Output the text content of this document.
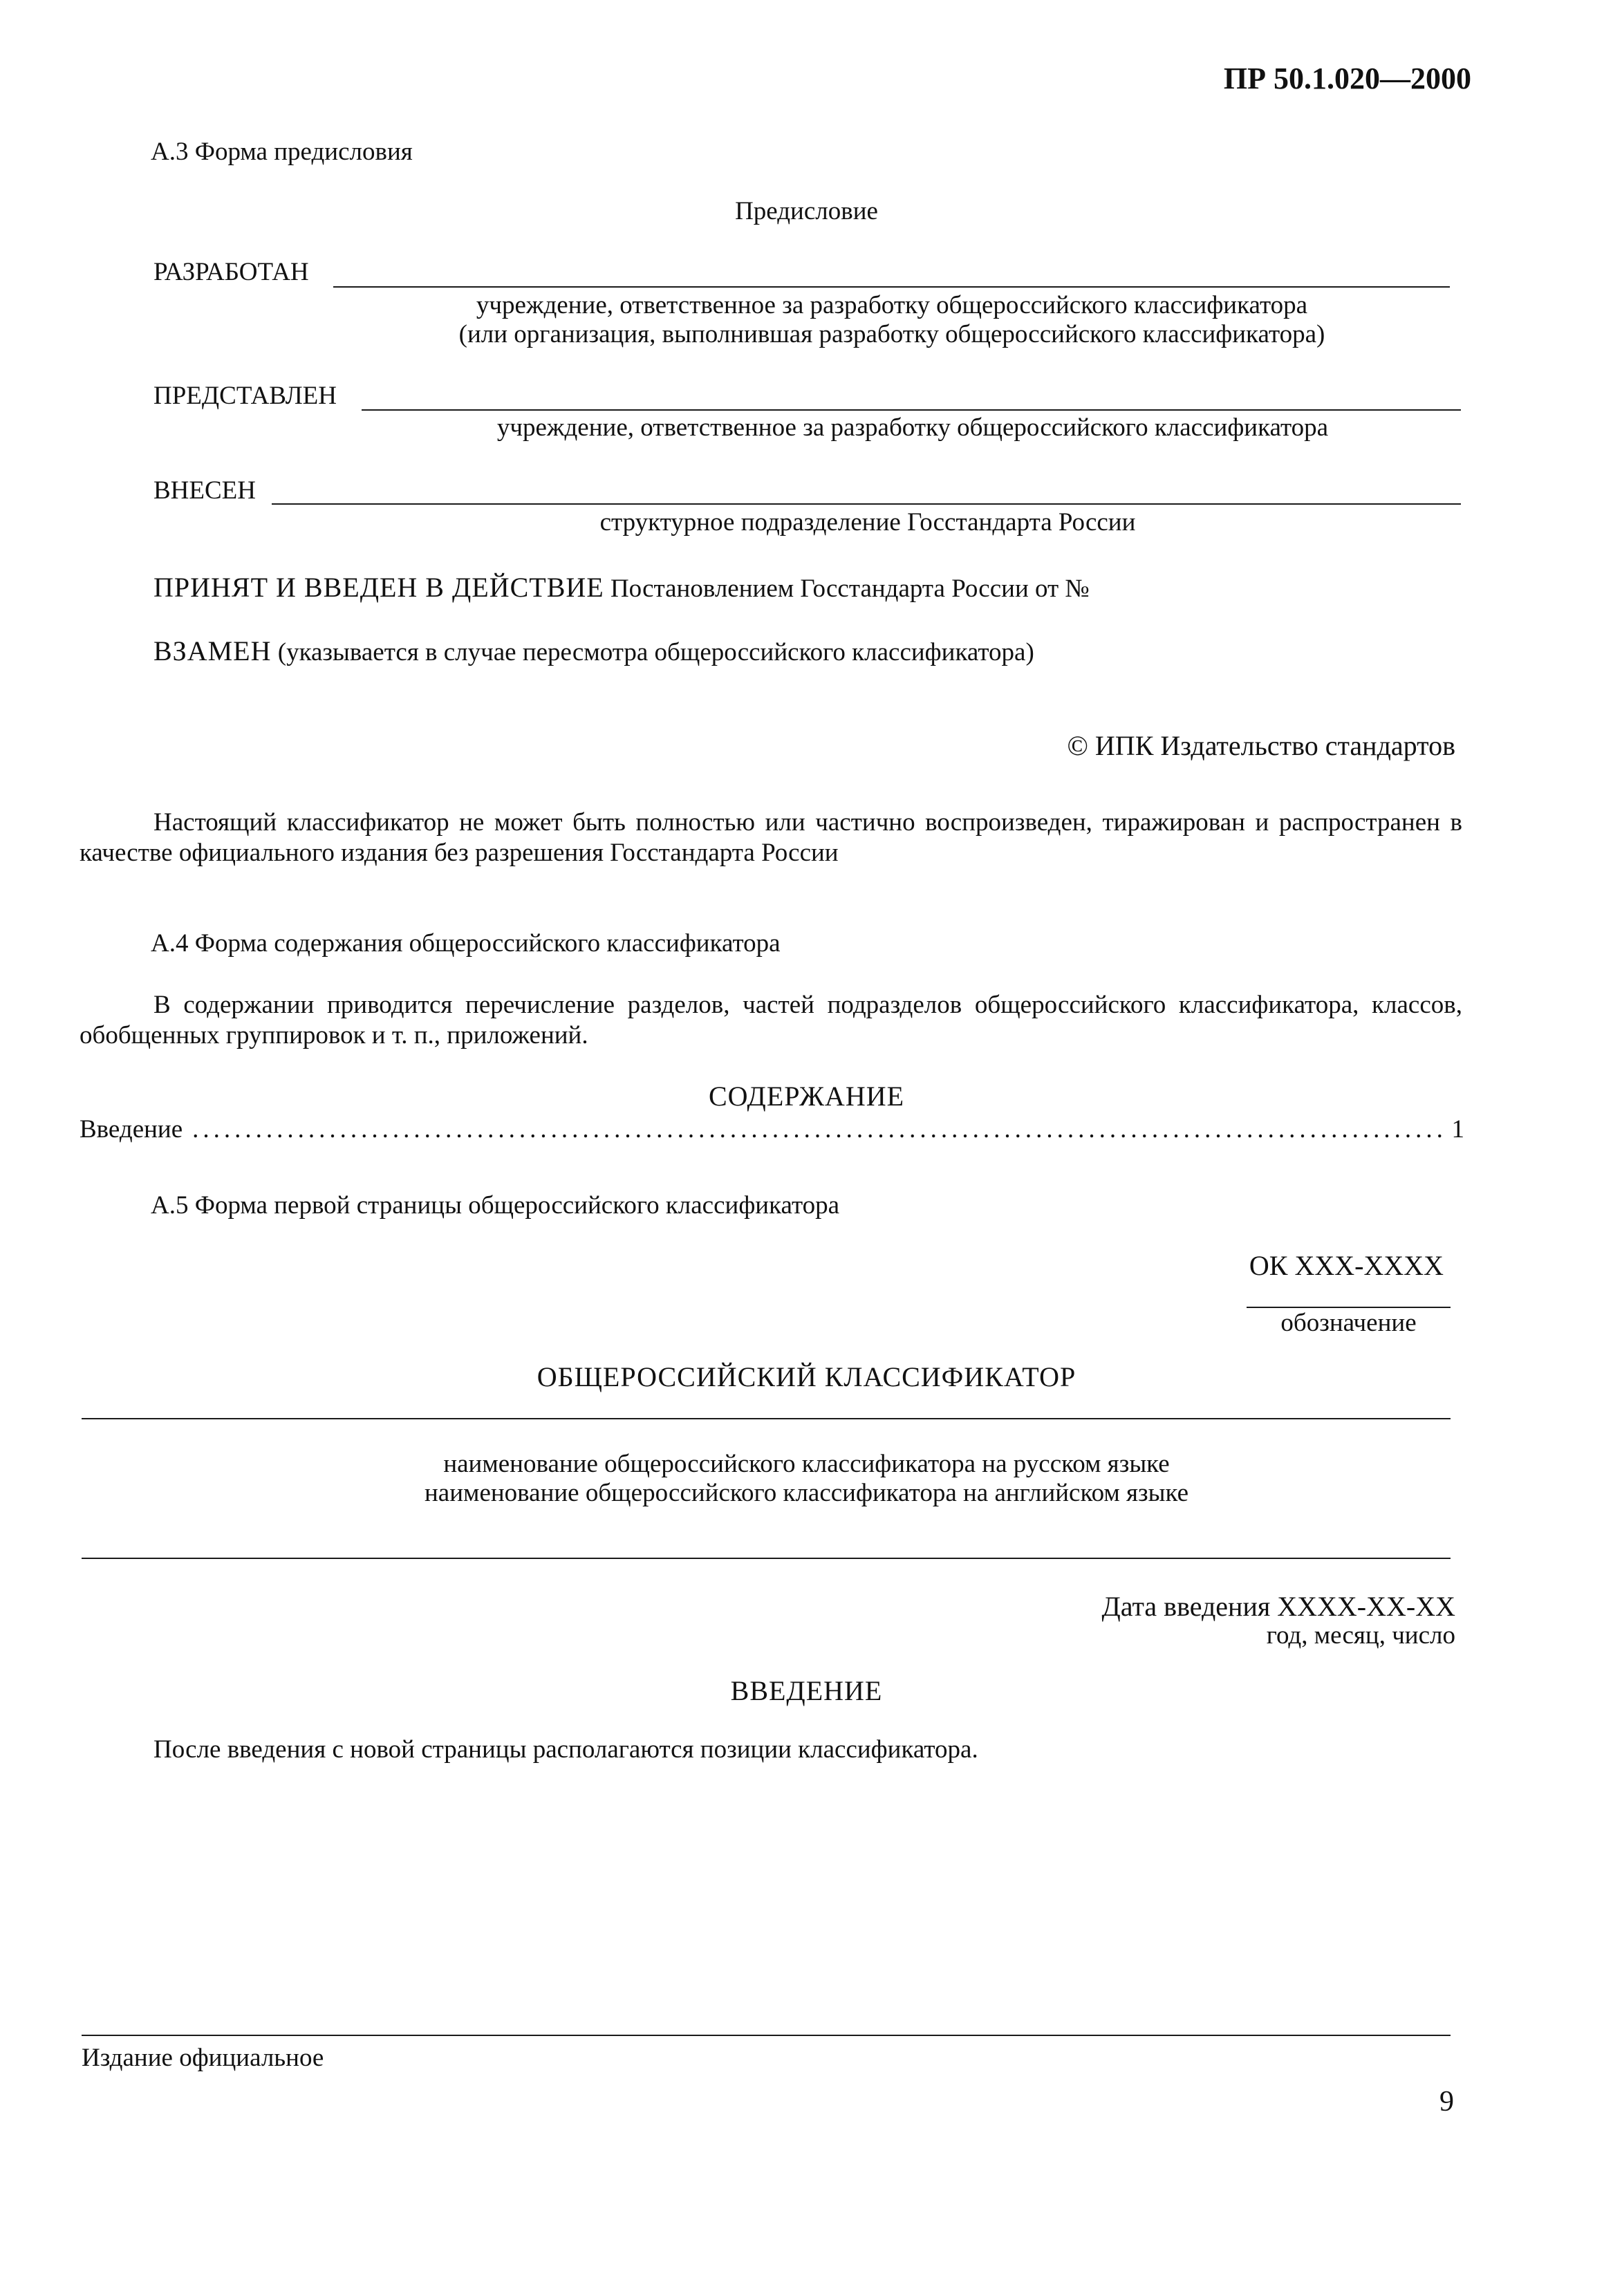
ПР 50.1.020—2000
А.3 Форма предисловия
Предисловие
РАЗРАБОТАН
учреждение, ответственное за разработку общероссийского классификатора
(или организация, выполнившая разработку общероссийского классификатора)
ПРЕДСТАВЛЕН
учреждение, ответственное за разработку общероссийского классификатора
ВНЕСЕН
структурное подразделение Госстандарта России
ПРИНЯТ И ВВЕДЕН В ДЕЙСТВИЕ Постановлением Госстандарта России от №
ВЗАМЕН (указывается в случае пересмотра общероссийского классификатора)
© ИПК Издательство стандартов
Настоящий классификатор не может быть полностью или частично воспроизведен, тиражирован и распространен в качестве официального издания без разрешения Госстандарта России
А.4 Форма содержания общероссийского классификатора
В содержании приводится перечисление разделов, частей подразделов общероссийского классификатора, классов, обобщенных группировок и т. п., приложений.
СОДЕРЖАНИЕ
Введение
.....	1
А.5 Форма первой страницы общероссийского классификатора
ОК ХХХ-ХХХХ
обозначение
ОБЩЕРОССИЙСКИЙ КЛАССИФИКАТОР
наименование общероссийского классификатора на русском языке
наименование общероссийского классификатора на английском языке
Дата введения ХХХХ-ХХ-ХХ
год, месяц, число
ВВЕДЕНИЕ
После введения с новой страницы располагаются позиции классификатора.
Издание официальное
9
